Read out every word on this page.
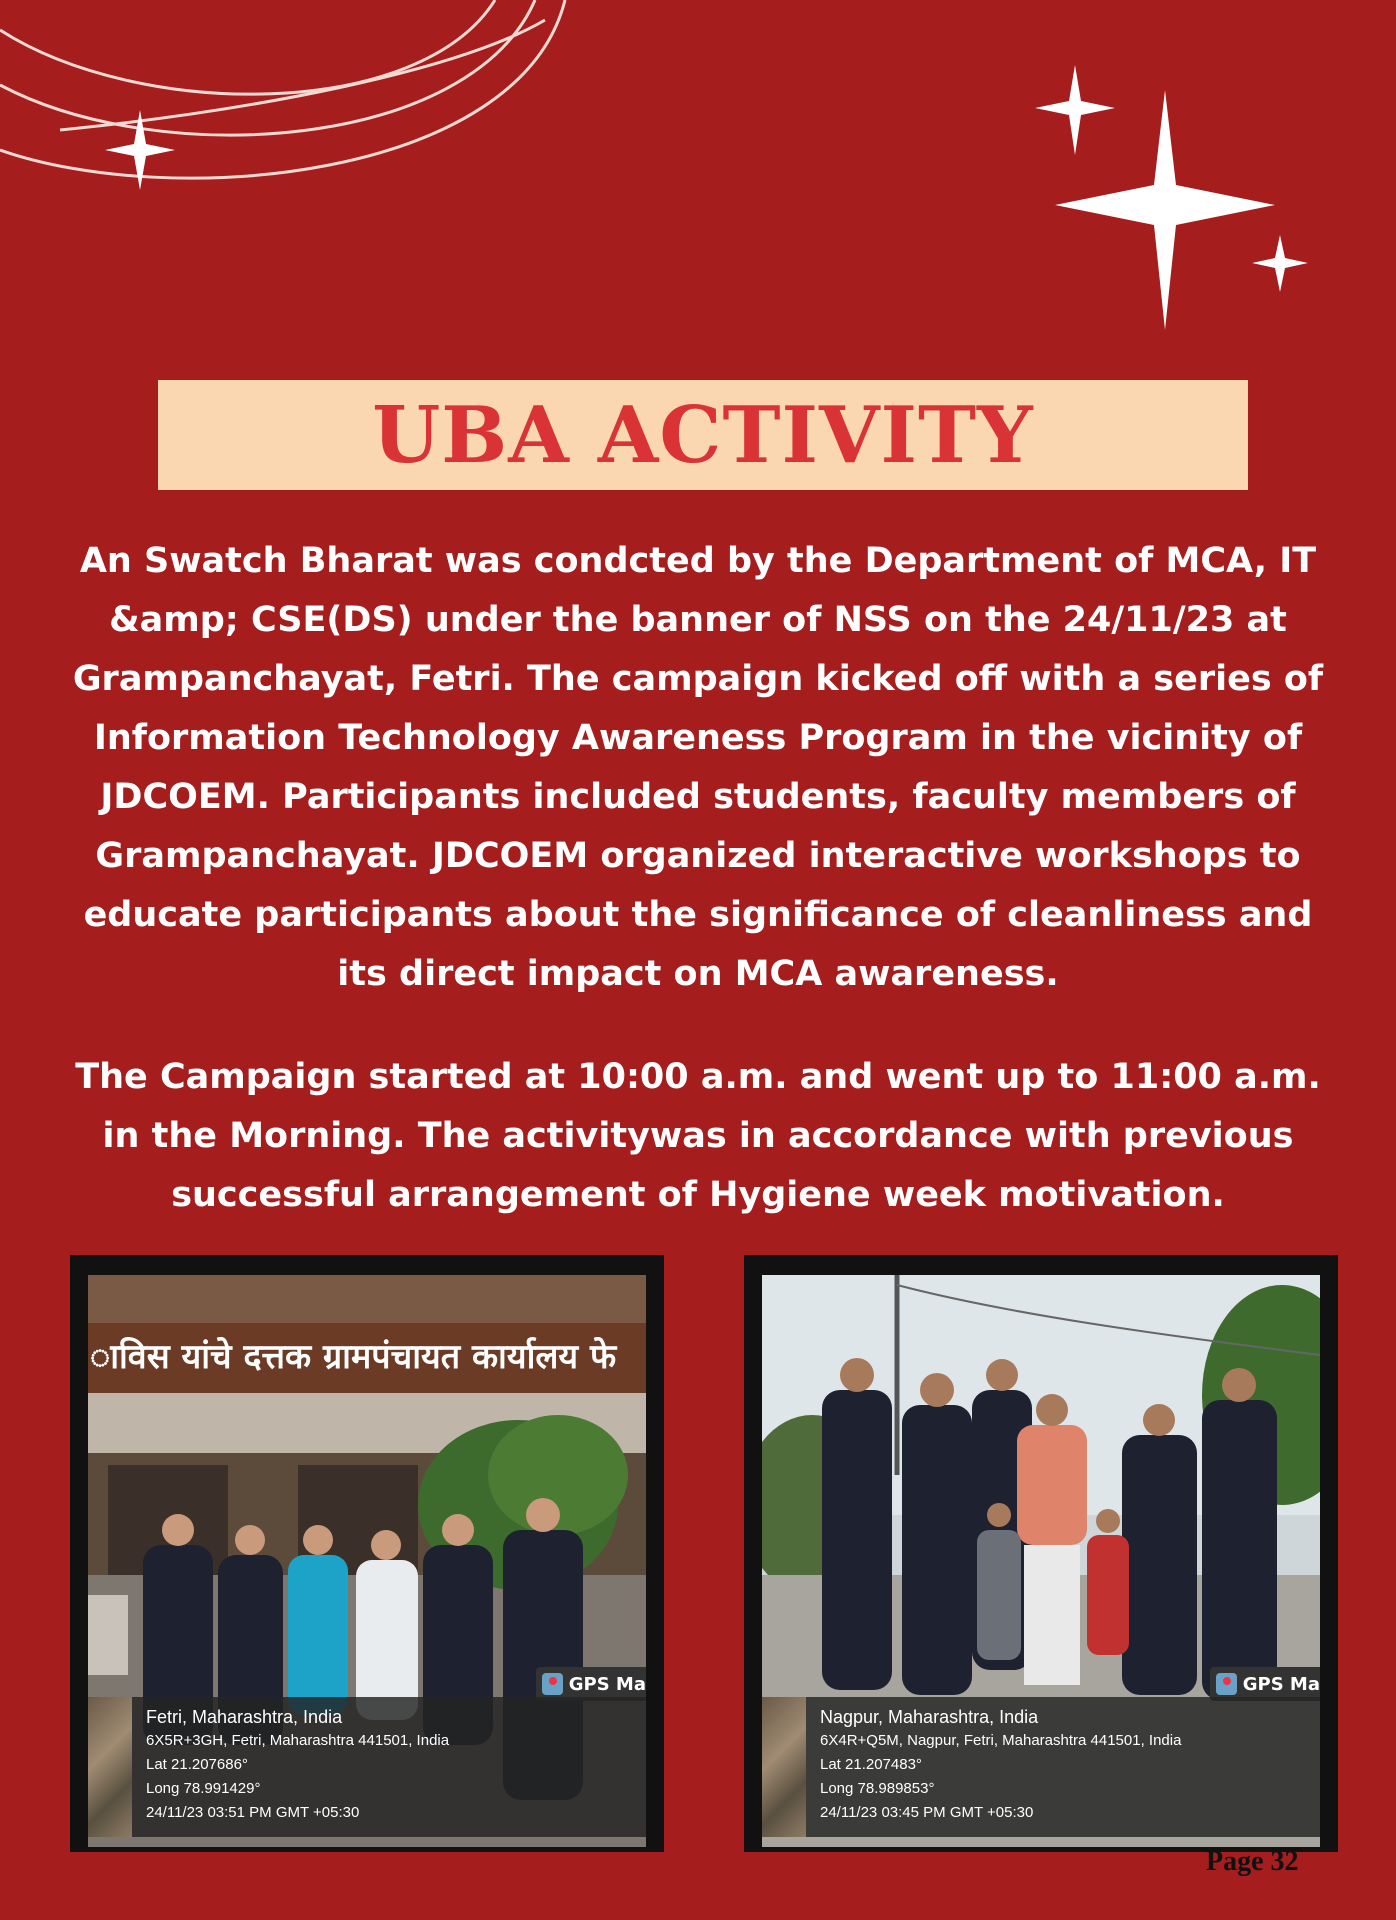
UBA ACTIVITY

An Swatch Bharat was condcted by the Department of MCA, IT &amp; CSE(DS) under the banner of NSS on the 24/11/23 at Grampanchayat, Fetri. The campaign kicked off with a series of Information Technology Awareness Program in the vicinity of JDCOEM. Participants included students, faculty members of Grampanchayat. JDCOEM organized interactive workshops to educate participants about the significance of cleanliness and its direct impact on MCA awareness.

The Campaign started at 10:00 a.m. and went up to 11:00 a.m. in the Morning. The activitywas in accordance with previous successful arrangement of Hygiene week motivation.

ाविस यांचे दत्तक ग्रामपंचायत कार्यालय फे
GPS Ma
Fetri, Maharashtra, India
6X5R+3GH, Fetri, Maharashtra 441501, India
Lat 21.207686°
Long 78.991429°
24/11/23 03:51 PM GMT +05:30
GPS Ma
Nagpur, Maharashtra, India
6X4R+Q5M, Nagpur, Fetri, Maharashtra 441501, India
Lat 21.207483°
Long 78.989853°
24/11/23 03:45 PM GMT +05:30
Page 32
